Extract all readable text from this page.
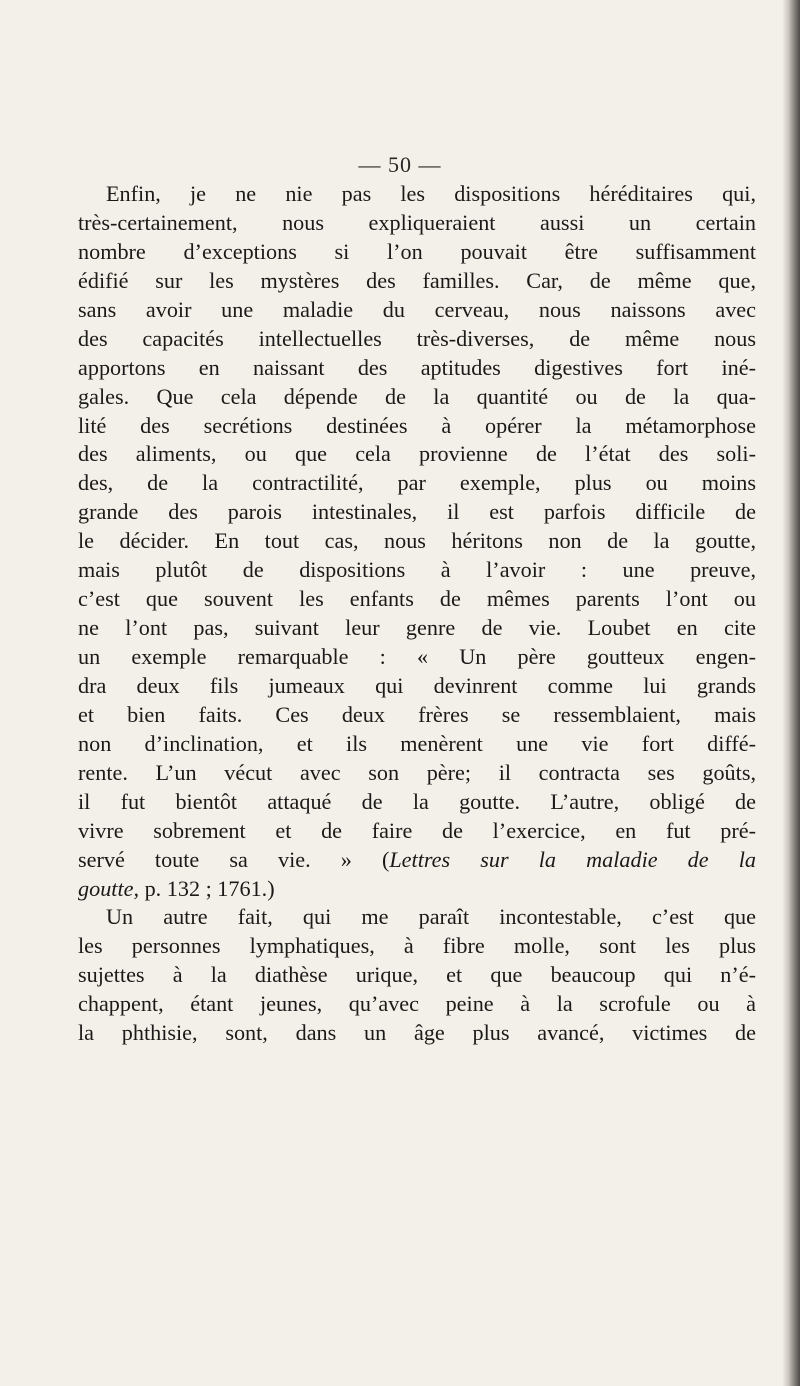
— 50 —
Enfin, je ne nie pas les dispositions héréditaires qui,
très-certainement, nous expliqueraient aussi un certain
nombre d’exceptions si l’on pouvait être suffisamment
édifié sur les mystères des familles. Car, de même que,
sans avoir une maladie du cerveau, nous naissons avec
des capacités intellectuelles très-diverses, de même nous
apportons en naissant des aptitudes digestives fort iné-
gales. Que cela dépende de la quantité ou de la qua-
lité des secrétions destinées à opérer la métamorphose
des aliments, ou que cela provienne de l’état des soli-
des, de la contractilité, par exemple, plus ou moins
grande des parois intestinales, il est parfois difficile de
le décider. En tout cas, nous héritons non de la goutte,
mais plutôt de dispositions à l’avoir : une preuve,
c’est que souvent les enfants de mêmes parents l’ont ou
ne l’ont pas, suivant leur genre de vie. Loubet en cite
un exemple remarquable : « Un père goutteux engen-
dra deux fils jumeaux qui devinrent comme lui grands
et bien faits. Ces deux frères se ressemblaient, mais
non d’inclination, et ils menèrent une vie fort diffé-
rente. L’un vécut avec son père; il contracta ses goûts,
il fut bientôt attaqué de la goutte. L’autre, obligé de
vivre sobrement et de faire de l’exercice, en fut pré-
servé toute sa vie. » (Lettres sur la maladie de la
goutte, p. 132 ; 1761.)
Un autre fait, qui me paraît incontestable, c’est que
les personnes lymphatiques, à fibre molle, sont les plus
sujettes à la diathèse urique, et que beaucoup qui n’é-
chappent, étant jeunes, qu’avec peine à la scrofule ou à
la phthisie, sont, dans un âge plus avancé, victimes de
